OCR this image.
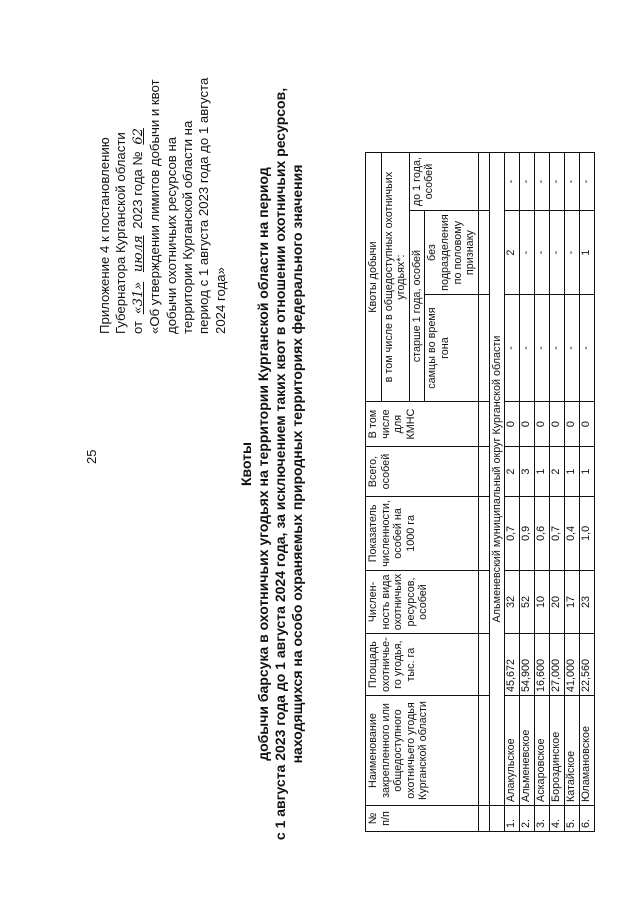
25
Приложение 4 к постановлению Губернатора Курганской области от «31» июля 2023 года № 62 «Об утверждении лимитов добычи и квот добычи охотничьих ресурсов на территории Курганской области на период с 1 августа 2023 года до 1 августа 2024 года»
Квоты добычи барсука в охотничьих угодьях на территории Курганской области на период с 1 августа 2023 года до 1 августа 2024 года, за исключением таких квот в отношении охотничьих ресурсов, находящихся на особо охраняемых природных территориях федерального значения
№ п/п	Наименование закрепленного или общедоступного охотничьего угодья Курганской области	Площадь охотничье-го угодья, тыс. га	Числен-ность вида охотничьих ресурсов, особей	Показатель численности, особей на 1000 га	Всего, особей	В том числе для КМНС	Квоты добычи		
							в том числе в общедоступных охотничьих угодьях*:		
							старше 1 года, особей		до 1 года, особей
							самцы во время гона	без подразделения по половому признаку	

	Альменевский муниципальный округ Курганской области								
1.	Алакульское	45,672	32	0,7	2	0	-	2	-
2.	Альменевское	54,900	52	0,9	3	0	-	-	-
3.	Аскаровское	16,600	10	0,6	1	0	-	-	-
4.	Бороздинское	27,000	20	0,7	2	0	-	-	-
5.	Катайское	41,000	17	0,4	1	0	-	-	-
6.	Юламановское	22,560	23	1,0	1	0	-	1	-
